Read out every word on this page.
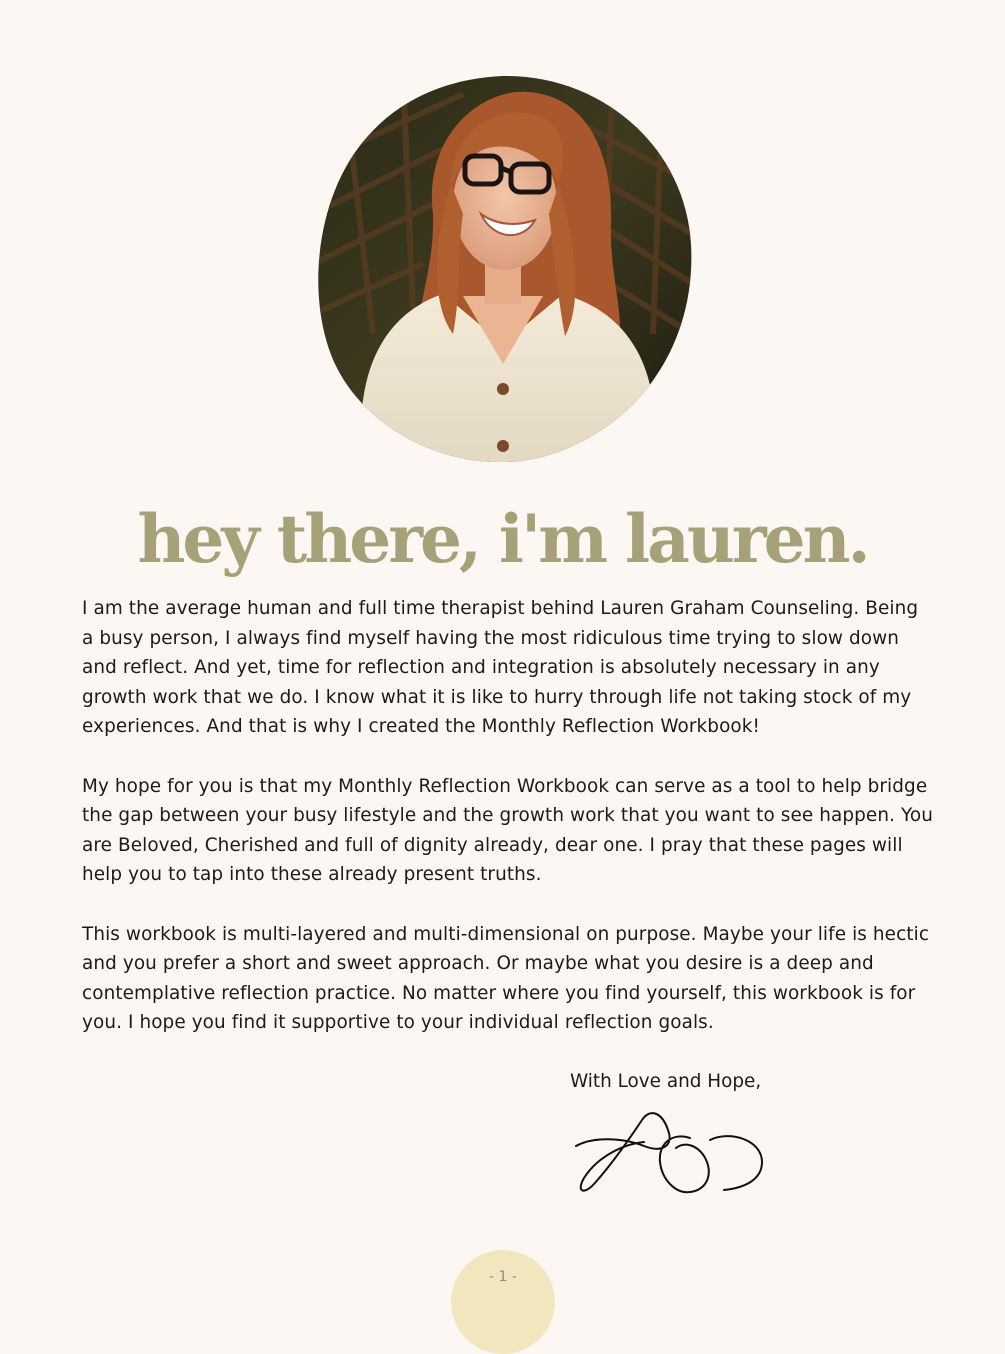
hey there, i'm lauren.

I am the average human and full time therapist behind Lauren Graham Counseling. Being a busy person, I always find myself having the most ridiculous time trying to slow down and reflect. And yet, time for reflection and integration is absolutely necessary in any growth work that we do. I know what it is like to hurry through life not taking stock of my experiences. And that is why I created the Monthly Reflection Workbook!

My hope for you is that my Monthly Reflection Workbook can serve as a tool to help bridge the gap between your busy lifestyle and the growth work that you want to see happen. You are Beloved, Cherished and full of dignity already, dear one. I pray that these pages will help you to tap into these already present truths.

This workbook is multi-layered and multi-dimensional on purpose. Maybe your life is hectic and you prefer a short and sweet approach. Or maybe what you desire is a deep and contemplative reflection practice. No matter where you find yourself, this workbook is for you. I hope you find it supportive to your individual reflection goals.

With Love and Hope,
- 1 -
